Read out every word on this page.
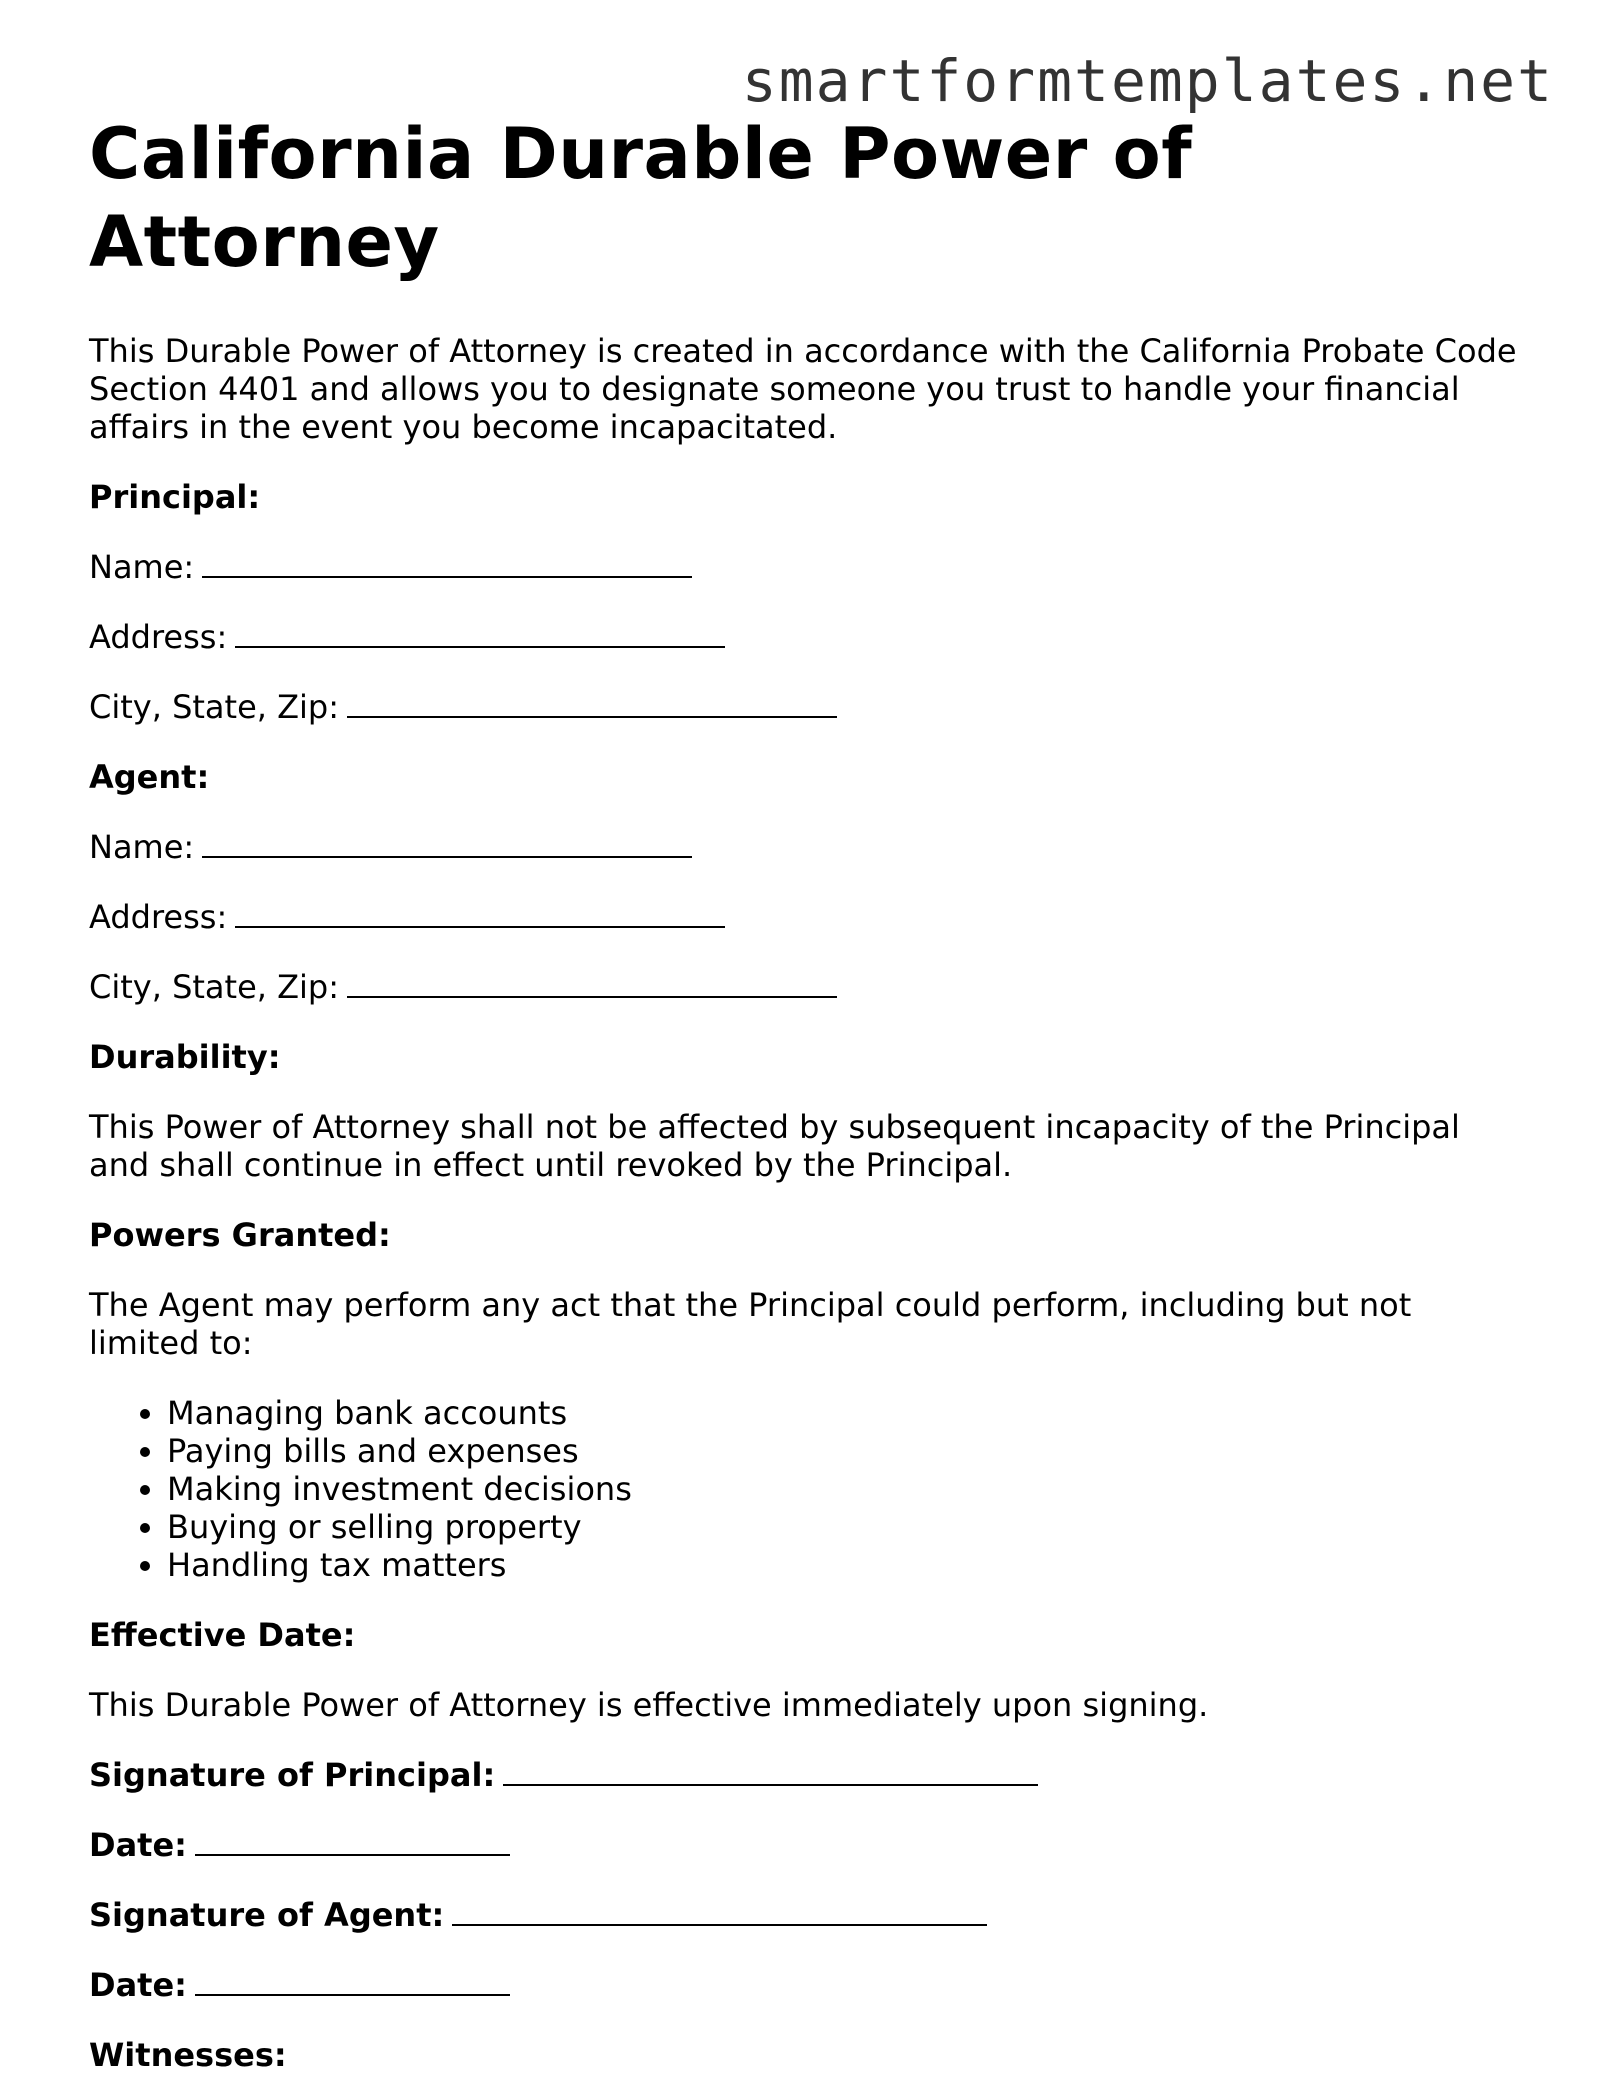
smartformtemplates.net
California Durable Power of Attorney

This Durable Power of Attorney is created in accordance with the California Probate Code Section 4401 and allows you to designate someone you trust to handle your financial affairs in the event you become incapacitated.

Principal:

Name:

Address:

City, State, Zip:

Agent:

Name:

Address:

City, State, Zip:

Durability:

This Power of Attorney shall not be affected by subsequent incapacity of the Principal and shall continue in effect until revoked by the Principal.

Powers Granted:

The Agent may perform any act that the Principal could perform, including but not limited to:

• Managing bank accounts
• Paying bills and expenses
• Making investment decisions
• Buying or selling property
• Handling tax matters

Effective Date:

This Durable Power of Attorney is effective immediately upon signing.

Signature of Principal:

Date:

Signature of Agent:

Date:

Witnesses:
